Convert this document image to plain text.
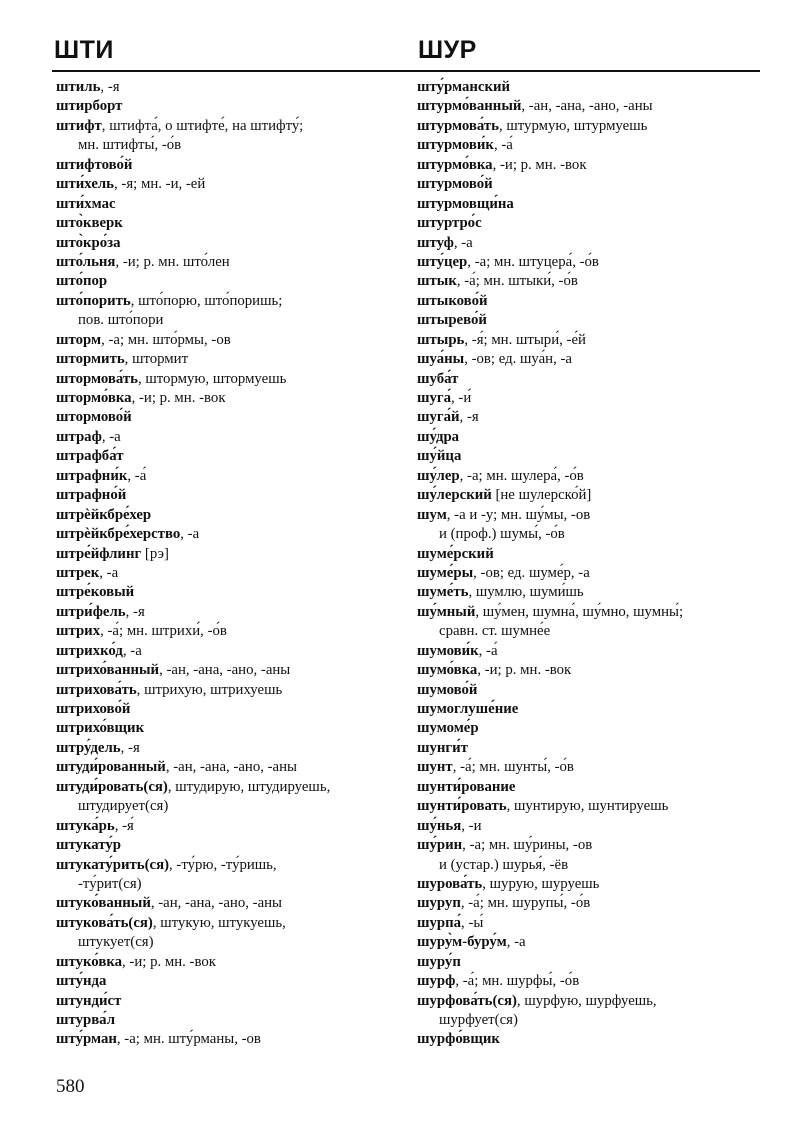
ШТИ	ШУР
штиль, -я
штирборт
штифт, штифта́, о штифте́, на штифту́;
мн. штифты́, -о́в
штифтово́й
шти́хель, -я; мн. -и, -ей
шти́хмас
што̀кверк
што̀кро́за
што́льня, -и; р. мн. што́лен
што́пор
што́порить, што́порю, што́поришь;
пов. што́пори
шторм, -а; мн. што́рмы, -ов
штормить, штормит
штормова́ть, штормую, штормуешь
штормо́вка, -и; р. мн. -вок
штормово́й
штраф, -а
штрафба́т
штрафни́к, -а́
штрафно́й
штрѐйкбре́хер
штрѐйкбре́херство, -а
штре́йфлинг [рэ]
штрек, -а
штре́ковый
штри́фель, -я
штрих, -а́; мн. штрихи́, -о́в
штрихко́д, -а
штрихо́ванный, -ан, -ана, -ано, -аны
штрихова́ть, штрихую, штрихуешь
штрихово́й
штрихо́вщик
штру́дель, -я
штуди́рованный, -ан, -ана, -ано, -аны
штуди́ровать(ся), штудирую, штудируешь,
штудирует(ся)
штука́рь, -я́
штукату́р
штукату́рить(ся), -ту́рю, -ту́ришь,
-ту́рит(ся)
штуко́ванный, -ан, -ана, -ано, -аны
штукова́ть(ся), штукую, штукуешь,
штукует(ся)
штуко́вка, -и; р. мн. -вок
шту́нда
штунди́ст
штурва́л
шту́рман, -а; мн. шту́рманы, -ов
шту́рманский
штурмо́ванный, -ан, -ана, -ано, -аны
штурмова́ть, штурмую, штурмуешь
штурмови́к, -а́
штурмо́вка, -и; р. мн. -вок
штурмово́й
штурмовщи́на
штуртро́с
штуф, -а
шту́цер, -а; мн. штуцера́, -о́в
штык, -а́; мн. штыки́, -о́в
штыково́й
штырево́й
штырь, -я́; мн. штыри́, -е́й
шуа́ны, -ов; ед. шуа́н, -а
шуба́т
шуга́, -и́
шуга́й, -я
шу́дра
шу́йца
шу́лер, -а; мн. шулера́, -о́в
шу́лерский [не шулерско́й]
шум, -а и -у; мн. шу́мы, -ов
и (проф.) шумы́, -о́в
шуме́рский
шуме́ры, -ов; ед. шуме́р, -а
шуме́ть, шумлю, шуми́шь
шу́мный, шу́мен, шумна́, шу́мно, шумны́;
сравн. ст. шумне́е
шумови́к, -а́
шумо́вка, -и; р. мн. -вок
шумово́й
шумоглуше́ние
шумоме́р
шунги́т
шунт, -а́; мн. шунты́, -о́в
шунти́рование
шунти́ровать, шунтирую, шунтируешь
шу́нья, -и
шу́рин, -а; мн. шу́рины, -ов
и (устар.) шурья́, -ёв
шурова́ть, шурую, шуруешь
шуруп, -а́; мн. шурупы́, -о́в
шурпа́, -ы́
шуру̀м-буру́м, -а
шуру́п
шурф, -а́; мн. шурфы́, -о́в
шурфова́ть(ся), шурфую, шурфуешь,
шурфует(ся)
шурфо́вщик
580
